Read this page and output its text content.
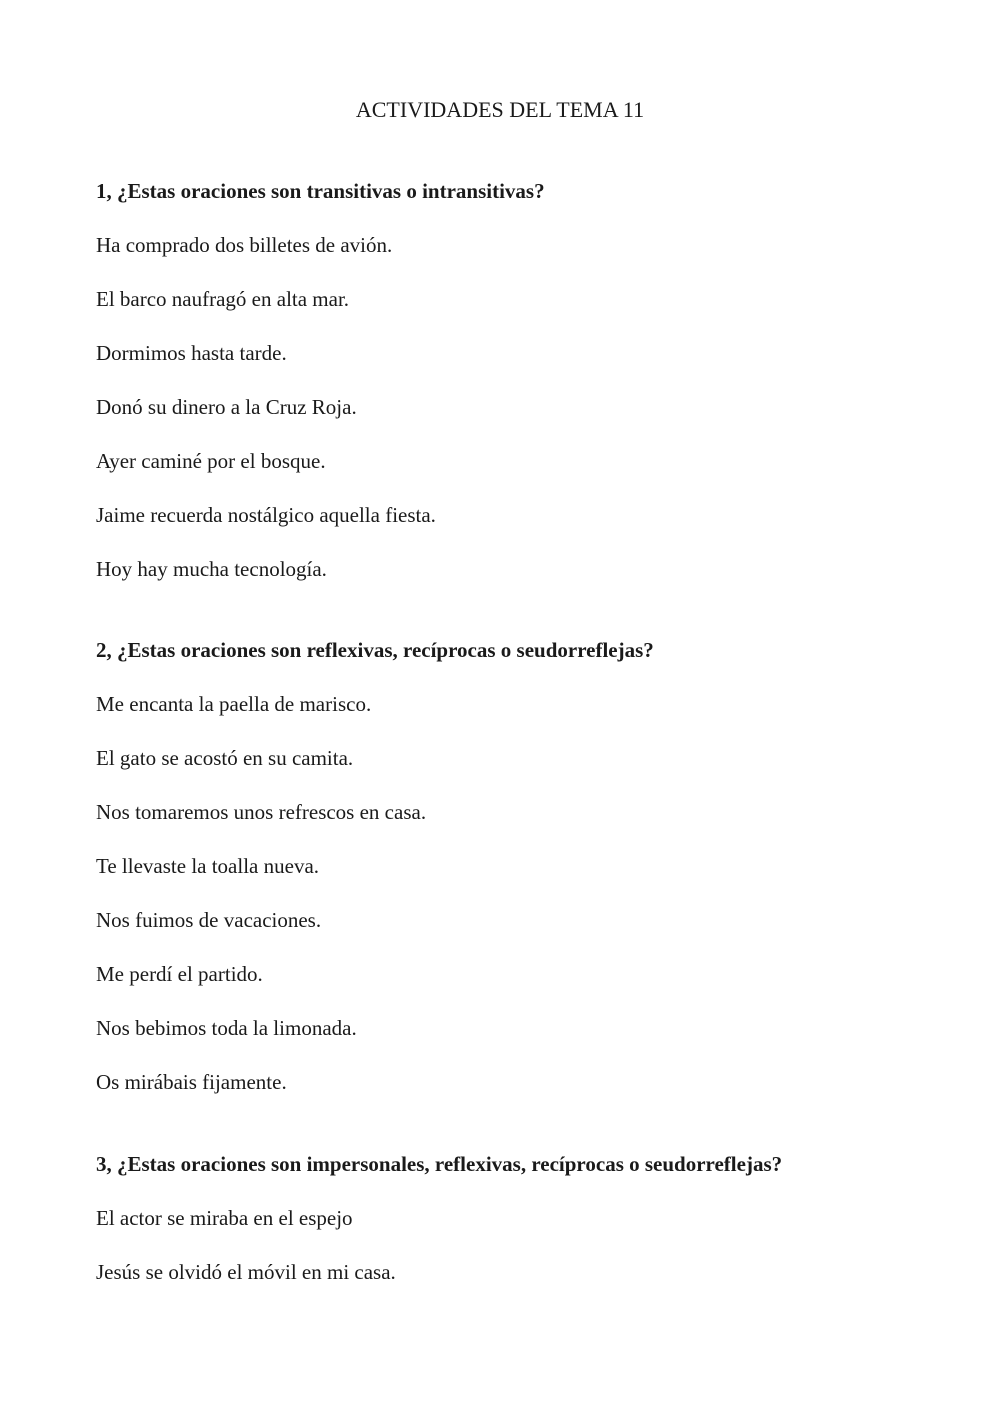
ACTIVIDADES DEL TEMA 11

1, ¿Estas oraciones son transitivas o intransitivas?

Ha comprado dos billetes de avión.

El barco naufragó en alta mar.

Dormimos hasta tarde.

Donó su dinero a la Cruz Roja.

Ayer caminé por el bosque.

Jaime recuerda nostálgico aquella fiesta.

Hoy hay mucha tecnología.

2, ¿Estas oraciones son reflexivas, recíprocas o seudorreflejas?

Me encanta la paella de marisco.

El gato se acostó en su camita.

Nos tomaremos unos refrescos en casa.

Te llevaste la toalla nueva.

Nos fuimos de vacaciones.

Me perdí el partido.

Nos bebimos toda la limonada.

Os mirábais fijamente.

3, ¿Estas oraciones son impersonales, reflexivas, recíprocas o seudorreflejas?

El actor se miraba en el espejo

Jesús se olvidó el móvil en mi casa.
